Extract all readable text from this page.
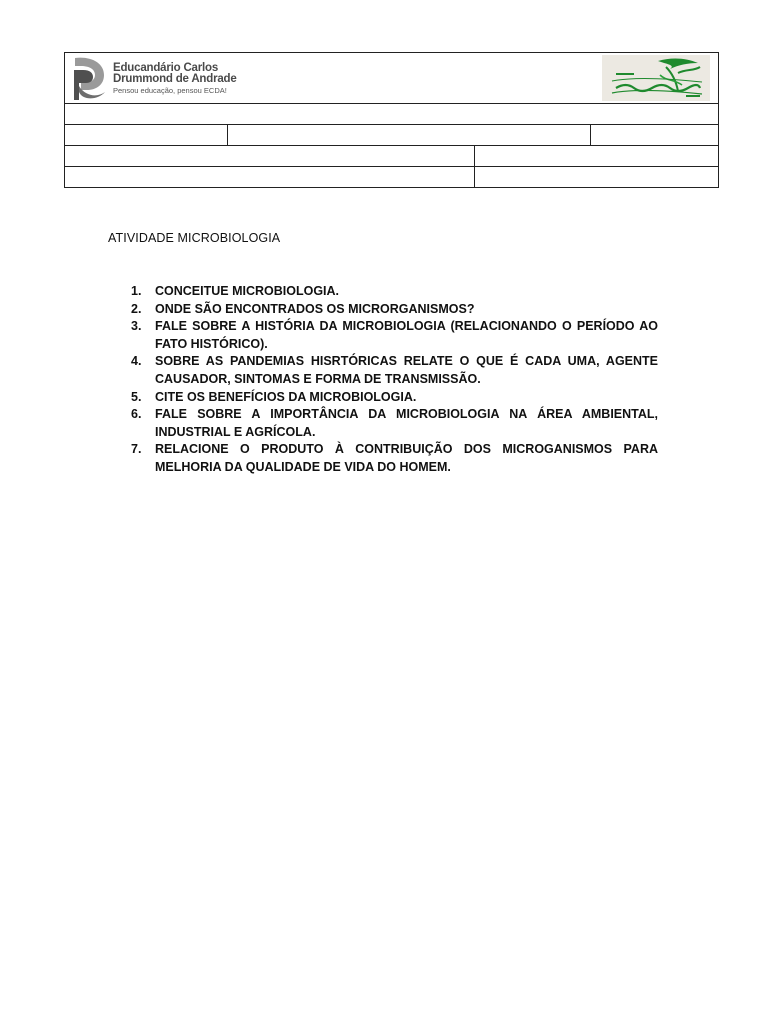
Educandário Carlos
Drummond de Andrade
Pensou educação, pensou ECDA!			

ATIVIDADE MICROBIOLOGIA
1. CONCEITUE MICROBIOLOGIA.
2. ONDE SÃO ENCONTRADOS OS MICRORGANISMOS?
3. FALE SOBRE A HISTÓRIA DA MICROBIOLOGIA (RELACIONANDO O PERÍODO AO FATO HISTÓRICO).
4. SOBRE AS PANDEMIAS HISRTÓRICAS RELATE O QUE É CADA UMA, AGENTE CAUSADOR, SINTOMAS E FORMA DE TRANSMISSÃO.
5. CITE OS BENEFÍCIOS DA MICROBIOLOGIA.
6. FALE SOBRE A IMPORTÂNCIA DA MICROBIOLOGIA NA ÁREA AMBIENTAL, INDUSTRIAL E AGRÍCOLA.
7. RELACIONE O PRODUTO À CONTRIBUIÇÃO DOS MICROGANISMOS PARA MELHORIA DA QUALIDADE DE VIDA DO HOMEM.
